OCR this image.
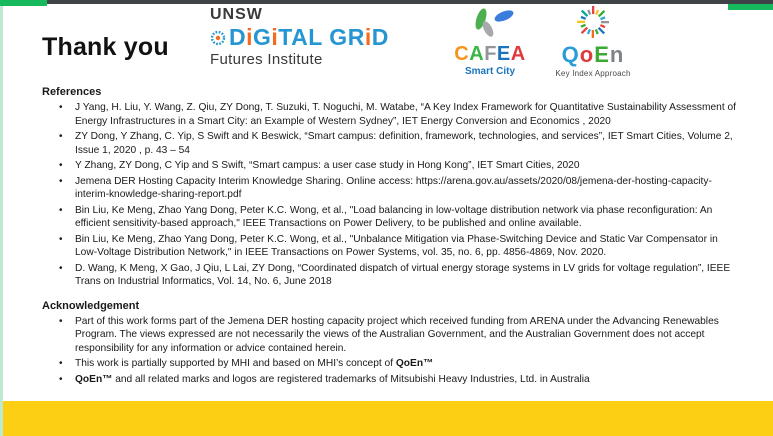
Thank you
UNSW
DiGiTAL GRiD
Futures Institute	CAFEA
Smart City
QoEn
Key Index Approach
References
• J Yang, H. Liu, Y. Wang, Z. Qiu, ZY Dong, T. Suzuki, T. Noguchi, M. Watabe, “A Key Index Framework for Quantitative Sustainability Assessment of Energy Infrastructures in a Smart City: an Example of Western Sydney”, IET Energy Conversion and Economics , 2020
• ZY Dong, Y Zhang, C. Yip, S Swift and K Beswick, “Smart campus: definition, framework, technologies, and services”, IET Smart Cities, Volume 2, Issue 1, 2020 , p. 43 – 54
• Y Zhang, ZY Dong, C Yip and S Swift, “Smart campus: a user case study in Hong Kong”, IET Smart Cities, 2020
• Jemena DER Hosting Capacity Interim Knowledge Sharing. Online access: https://arena.gov.au/assets/2020/08/jemena-der-hosting-capacity-interim-knowledge-sharing-report.pdf
• Bin Liu, Ke Meng, Zhao Yang Dong, Peter K.C. Wong, et al., "Load balancing in low-voltage distribution network via phase reconfiguration: An efficient sensitivity-based approach," IEEE Transactions on Power Delivery, to be published and online available.
• Bin Liu, Ke Meng, Zhao Yang Dong, Peter K.C. Wong, et al., "Unbalance Mitigation via Phase-Switching Device and Static Var Compensator in Low-Voltage Distribution Network," in IEEE Transactions on Power Systems, vol. 35, no. 6, pp. 4856-4869, Nov. 2020.
• D. Wang, K Meng, X Gao, J Qiu, L Lai, ZY Dong, “Coordinated dispatch of virtual energy storage systems in LV grids for voltage regulation”, IEEE Trans on Industrial Informatics, Vol. 14, No. 6, June 2018
Acknowledgement
• Part of this work forms part of the Jemena DER hosting capacity project which received funding from ARENA under the Advancing Renewables Program. The views expressed are not necessarily the views of the Australian Government, and the Australian Government does not accept responsibility for any information or advice contained herein.
• This work is partially supported by MHI and based on MHI’s concept of QoEn™
• QoEn™ and all related marks and logos are registered trademarks of Mitsubishi Heavy Industries, Ltd. in Australia
